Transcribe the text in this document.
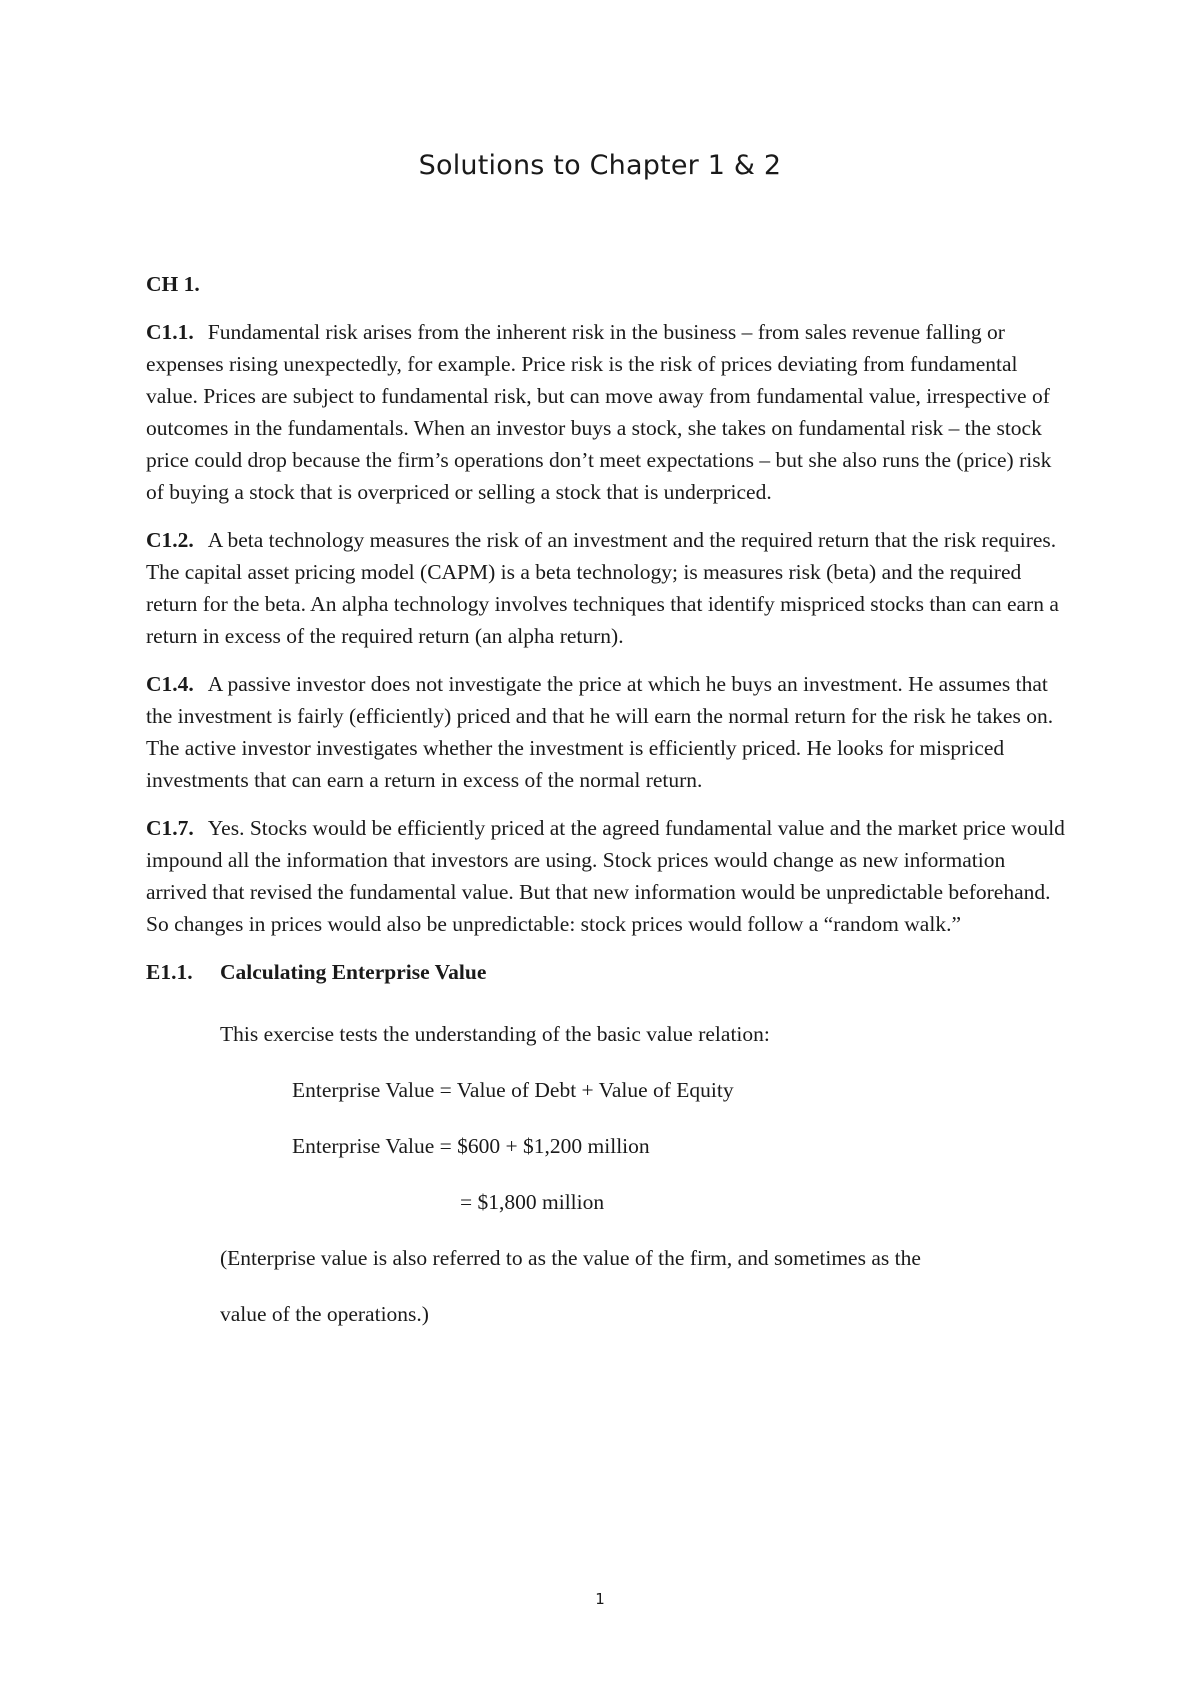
Solutions to Chapter 1 & 2
CH 1.

C1.1. Fundamental risk arises from the inherent risk in the business – from sales revenue falling or expenses rising unexpectedly, for example. Price risk is the risk of prices deviating from fundamental value. Prices are subject to fundamental risk, but can move away from fundamental value, irrespective of outcomes in the fundamentals. When an investor buys a stock, she takes on fundamental risk – the stock price could drop because the firm’s operations don’t meet expectations – but she also runs the (price) risk of buying a stock that is overpriced or selling a stock that is underpriced.

C1.2. A beta technology measures the risk of an investment and the required return that the risk requires. The capital asset pricing model (CAPM) is a beta technology; is measures risk (beta) and the required return for the beta. An alpha technology involves techniques that identify mispriced stocks than can earn a return in excess of the required return (an alpha return).

C1.4. A passive investor does not investigate the price at which he buys an investment. He assumes that the investment is fairly (efficiently) priced and that he will earn the normal return for the risk he takes on. The active investor investigates whether the investment is efficiently priced. He looks for mispriced investments that can earn a return in excess of the normal return.

C1.7. Yes. Stocks would be efficiently priced at the agreed fundamental value and the market price would impound all the information that investors are using. Stock prices would change as new information arrived that revised the fundamental value. But that new information would be unpredictable beforehand. So changes in prices would also be unpredictable: stock prices would follow a “random walk.”

E1.1. Calculating Enterprise Value

This exercise tests the understanding of the basic value relation:

Enterprise Value = Value of Debt + Value of Equity

Enterprise Value = $600 + $1,200 million

= $1,800 million

(Enterprise value is also referred to as the value of the firm, and sometimes as the

value of the operations.)

1
